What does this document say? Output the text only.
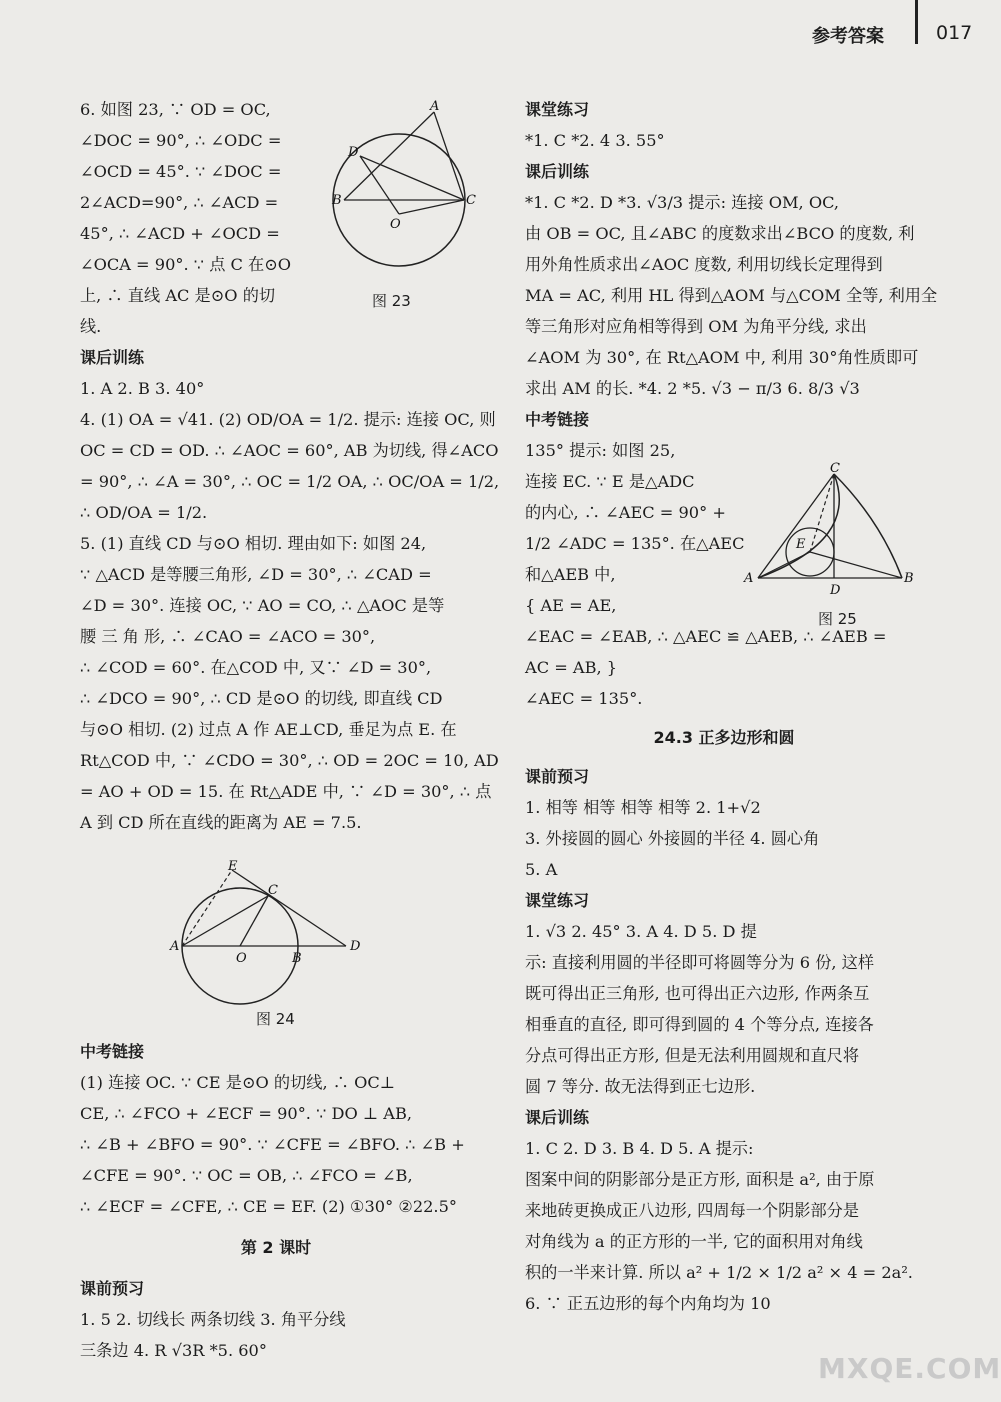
参考答案	017
6. 如图 23, ∵ OD = OC,
∠DOC = 90°, ∴ ∠ODC =
∠OCD = 45°. ∵ ∠DOC =
2∠ACD=90°, ∴ ∠ACD =
45°, ∴ ∠ACD + ∠OCD =
∠OCA = 90°. ∵ 点 C 在⊙O
上, ∴ 直线 AC 是⊙O 的切
线.
课后训练
1. A 2. B 3. 40°
4. (1) OA = √41. (2) OD/OA = 1/2. 提示: 连接 OC, 则
OC = CD = OD. ∴ ∠AOC = 60°, AB 为切线, 得∠ACO
= 90°, ∴ ∠A = 30°, ∴ OC = 1/2 OA, ∴ OC/OA = 1/2,
∴ OD/OA = 1/2.
5. (1) 直线 CD 与⊙O 相切. 理由如下: 如图 24,
∵ △ACD 是等腰三角形, ∠D = 30°, ∴ ∠CAD =
∠D = 30°. 连接 OC, ∵ AO = CO, ∴ △AOC 是等
腰 三 角 形, ∴ ∠CAO = ∠ACO = 30°,
∴ ∠COD = 60°. 在△COD 中, 又∵ ∠D = 30°,
∴ ∠DCO = 90°, ∴ CD 是⊙O 的切线, 即直线 CD
与⊙O 相切. (2) 过点 A 作 AE⊥CD, 垂足为点 E. 在
Rt△COD 中, ∵ ∠CDO = 30°, ∴ OD = 2OC = 10, AD
= AO + OD = 15. 在 Rt△ADE 中, ∵ ∠D = 30°, ∴ 点
A 到 CD 所在直线的距离为 AE = 7.5.
A
D
B
O
C
图 23
E
C
A
O	B
D
图 24
中考链接
(1) 连接 OC. ∵ CE 是⊙O 的切线, ∴ OC⊥
CE, ∴ ∠FCO + ∠ECF = 90°. ∵ DO ⊥ AB,
∴ ∠B + ∠BFO = 90°. ∵ ∠CFE = ∠BFO. ∴ ∠B +
∠CFE = 90°. ∵ OC = OB, ∴ ∠FCO = ∠B,
∴ ∠ECF = ∠CFE, ∴ CE = EF. (2) ①30° ②22.5°
第 2 课时
课前预习
1. 5 2. 切线长 两条切线 3. 角平分线
三条边 4. R √3R *5. 60°
课堂练习
*1. C *2. 4 3. 55°
课后训练
*1. C *2. D *3. √3/3 提示: 连接 OM, OC,
由 OB = OC, 且∠ABC 的度数求出∠BCO 的度数, 利
用外角性质求出∠AOC 度数, 利用切线长定理得到
MA = AC, 利用 HL 得到△AOM 与△COM 全等, 利用全
等三角形对应角相等得到 OM 为角平分线, 求出
∠AOM 为 30°, 在 Rt△AOM 中, 利用 30°角性质即可
求出 AM 的长. *4. 2 *5. √3 − π/3 6. 8/3 √3
中考链接
135° 提示: 如图 25,
连接 EC. ∵ E 是△ADC
的内心, ∴ ∠AEC = 90° +
1/2 ∠ADC = 135°. 在△AEC
和△AEB 中,
{ AE = AE,
∠EAC = ∠EAB, ∴ △AEC ≌ △AEB, ∴ ∠AEB =
AC = AB, }
∠AEC = 135°.
24.3 正多边形和圆
课前预习
1. 相等 相等 相等 相等 2. 1+√2
3. 外接圆的圆心 外接圆的半径 4. 圆心角
5. A
课堂练习
1. √3 2. 45° 3. A 4. D 5. D 提
示: 直接利用圆的半径即可将圆等分为 6 份, 这样
既可得出正三角形, 也可得出正六边形, 作两条互
相垂直的直径, 即可得到圆的 4 个等分点, 连接各
分点可得出正方形, 但是无法利用圆规和直尺将
圆 7 等分. 故无法得到正七边形.
课后训练
1. C 2. D 3. B 4. D 5. A 提示:
图案中间的阴影部分是正方形, 面积是 a², 由于原
来地砖更换成正八边形, 四周每一个阴影部分是
对角线为 a 的正方形的一半, 它的面积用对角线
积的一半来计算. 所以 a² + 1/2 × 1/2 a² × 4 = 2a².
6. ∵ 正五边形的每个内角均为 10
C
E
A
D
B
图 25
MXQE.COM
